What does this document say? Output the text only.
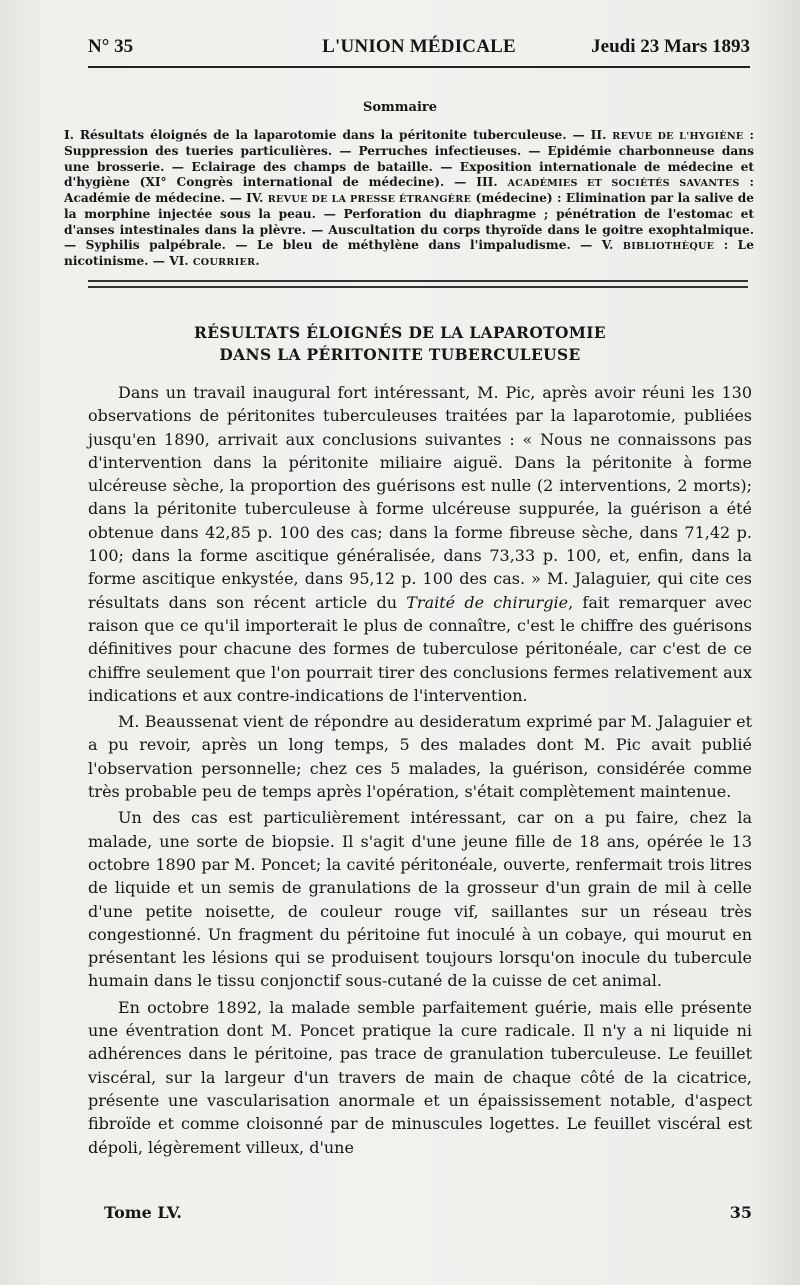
N° 35	L'UNION MÉDICALE	Jeudi 23 Mars 1893
Sommaire
I. Résultats éloignés de la laparotomie dans la péritonite tuberculeuse. — II. REVUE DE L'HYGIÈNE : Suppression des tueries particulières. — Perruches infectieuses. — Epidémie charbonneuse dans une brosserie. — Eclairage des champs de bataille. — Exposition internationale de médecine et d'hygiène (XI° Congrès international de médecine). — III. ACADÉMIES ET SOCIÉTÉS SAVANTES : Académie de médecine. — IV. REVUE DE LA PRESSE ÉTRANGÈRE (médecine) : Elimination par la salive de la morphine injectée sous la peau. — Perforation du diaphragme ; pénétration de l'estomac et d'anses intestinales dans la plèvre. — Auscultation du corps thyroïde dans le goitre exophtalmique. — Syphilis palpébrale. — Le bleu de méthylène dans l'impaludisme. — V. BIBLIOTHÈQUE : Le nicotinisme. — VI. COURRIER.
RÉSULTATS ÉLOIGNÉS DE LA LAPAROTOMIE
DANS LA PÉRITONITE TUBERCULEUSE

Dans un travail inaugural fort intéressant, M. Pic, après avoir réuni les 130 observations de péritonites tuberculeuses traitées par la laparotomie, publiées jusqu'en 1890, arrivait aux conclusions suivantes : « Nous ne connaissons pas d'intervention dans la péritonite miliaire aiguë. Dans la péritonite à forme ulcéreuse sèche, la proportion des guérisons est nulle (2 interventions, 2 morts); dans la péritonite tuberculeuse à forme ulcéreuse suppurée, la guérison a été obtenue dans 42,85 p. 100 des cas; dans la forme fibreuse sèche, dans 71,42 p. 100; dans la forme ascitique généralisée, dans 73,33 p. 100, et, enfin, dans la forme ascitique enkystée, dans 95,12 p. 100 des cas. » M. Jalaguier, qui cite ces résultats dans son récent article du Traité de chirurgie, fait remarquer avec raison que ce qu'il importerait le plus de connaître, c'est le chiffre des guérisons définitives pour chacune des formes de tuberculose péritonéale, car c'est de ce chiffre seulement que l'on pourrait tirer des conclusions fermes relativement aux indications et aux contre-indications de l'intervention.

M. Beaussenat vient de répondre au desideratum exprimé par M. Jalaguier et a pu revoir, après un long temps, 5 des malades dont M. Pic avait publié l'observation personnelle; chez ces 5 malades, la guérison, considérée comme très probable peu de temps après l'opération, s'était complètement maintenue.

Un des cas est particulièrement intéressant, car on a pu faire, chez la malade, une sorte de biopsie. Il s'agit d'une jeune fille de 18 ans, opérée le 13 octobre 1890 par M. Poncet; la cavité péritonéale, ouverte, renfermait trois litres de liquide et un semis de granulations de la grosseur d'un grain de mil à celle d'une petite noisette, de couleur rouge vif, saillantes sur un réseau très congestionné. Un fragment du péritoine fut inoculé à un cobaye, qui mourut en présentant les lésions qui se produisent toujours lorsqu'on inocule du tubercule humain dans le tissu conjonctif sous-cutané de la cuisse de cet animal.

En octobre 1892, la malade semble parfaitement guérie, mais elle présente une éventration dont M. Poncet pratique la cure radicale. Il n'y a ni liquide ni adhérences dans le péritoine, pas trace de granulation tuberculeuse. Le feuillet viscéral, sur la largeur d'un travers de main de chaque côté de la cicatrice, présente une vascularisation anormale et un épaississement notable, d'aspect fibroïde et comme cloisonné par de minuscules logettes. Le feuillet viscéral est dépoli, légèrement villeux, d'une

Tome LV.	35
